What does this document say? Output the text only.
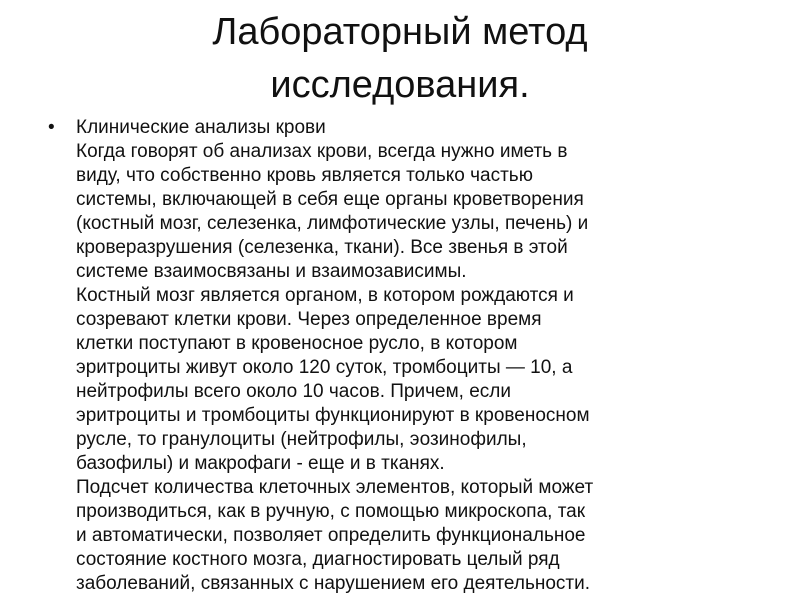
Лабораторный метод
исследования.
•	Клинические анализы крови
Когда говорят об анализах крови, всегда нужно иметь в
виду, что собственно кровь является только частью
системы, включающей в себя еще органы кроветворения
(костный мозг, селезенка, лимфотические узлы, печень) и
кроверазрушения (селезенка, ткани). Все звенья в этой
системе взаимосвязаны и взаимозависимы.
Костный мозг является органом, в котором рождаются и
созревают клетки крови. Через определенное время
клетки поступают в кровеносное русло, в котором
эритроциты живут около 120 суток, тромбоциты — 10, а
нейтрофилы всего около 10 часов. Причем, если
эритроциты и тромбоциты функционируют в кровеносном
русле, то гранулоциты (нейтрофилы, эозинофилы,
базофилы) и макрофаги - еще и в тканях.
Подсчет количества клеточных элементов, который может
производиться, как в ручную, с помощью микроскопа, так
и автоматически, позволяет определить функциональное
состояние костного мозга, диагностировать целый ряд
заболеваний, связанных с нарушением его деятельности.
